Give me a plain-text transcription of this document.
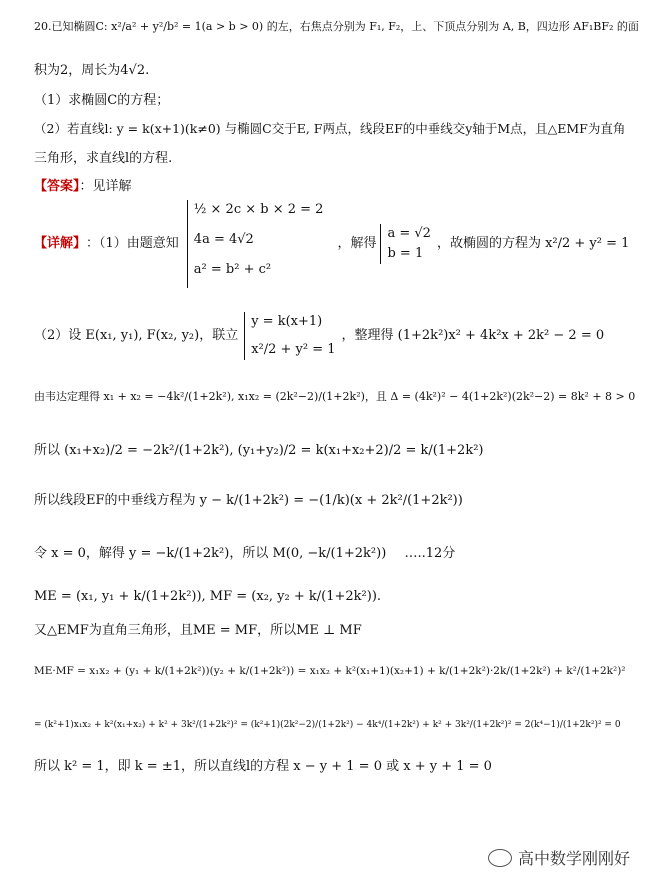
20.已知椭圆C: x²/a² + y²/b² = 1(a > b > 0) 的左，右焦点分别为 F₁, F₂，上、下顶点分别为 A, B，四边形 AF₁BF₂ 的面
积为2，周长为4√2.
（1）求椭圆C的方程；
（2）若直线l: y = k(x+1)(k≠0) 与椭圆C交于E, F两点，线段EF的中垂线交y轴于M点，且△EMF为直角
三角形，求直线l的方程.
【答案】：见详解
【详解】 ：（1）由题意知
½ × 2c × b × 2 = 2
4a = 4√2
a² = b² + c²
，解得
a = √2
b = 1
，故椭圆的方程为 x²/2 + y² = 1
（2）设 E(x₁, y₁), F(x₂, y₂)，联立
y = k(x+1)
x²/2 + y² = 1
，整理得 (1+2k²)x² + 4k²x + 2k² − 2 = 0
由韦达定理得 x₁ + x₂ = −4k²/(1+2k²), x₁x₂ = (2k²−2)/(1+2k²)，且 Δ = (4k²)² − 4(1+2k²)(2k²−2) = 8k² + 8 > 0
所以 (x₁+x₂)/2 = −2k²/(1+2k²), (y₁+y₂)/2 = k(x₁+x₂+2)/2 = k/(1+2k²)
所以线段EF的中垂线方程为 y − k/(1+2k²) = −(1/k)(x + 2k²/(1+2k²))
令 x = 0，解得 y = −k/(1+2k²)，所以 M(0, −k/(1+2k²)) …..12分
ME = (x₁, y₁ + k/(1+2k²)), MF = (x₂, y₂ + k/(1+2k²)).
又△EMF为直角三角形，且ME = MF，所以ME ⊥ MF
ME·MF = x₁x₂ + (y₁ + k/(1+2k²))(y₂ + k/(1+2k²)) = x₁x₂ + k²(x₁+1)(x₂+1) + k/(1+2k²)·2k/(1+2k²) + k²/(1+2k²)²
= (k²+1)x₁x₂ + k²(x₁+x₂) + k² + 3k²/(1+2k²)² = (k²+1)(2k²−2)/(1+2k²) − 4k⁴/(1+2k²) + k² + 3k²/(1+2k²)² = 2(k⁴−1)/(1+2k²)² = 0
所以 k² = 1，即 k = ±1，所以直线l的方程 x − y + 1 = 0 或 x + y + 1 = 0
高中数学刚刚好
